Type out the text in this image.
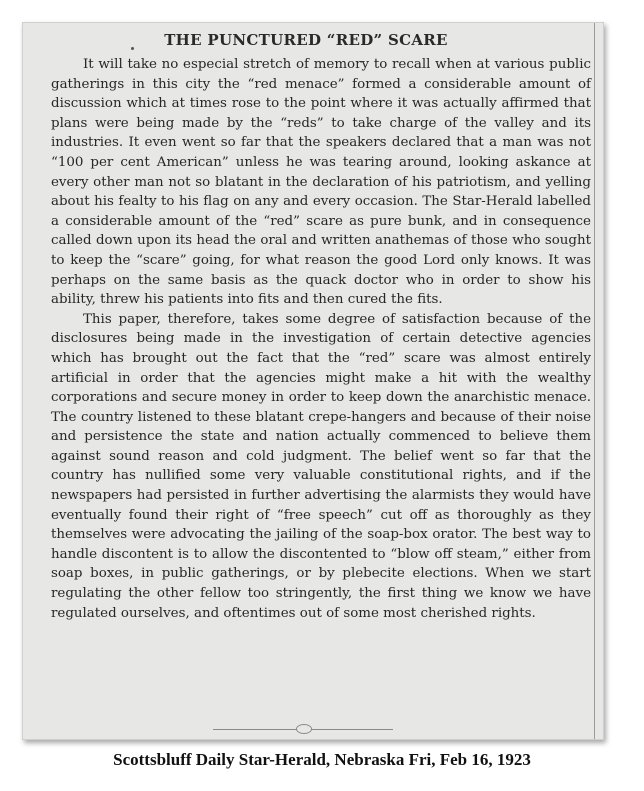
THE PUNCTURED “RED” SCARE

It will take no especial stretch of memory to recall when at various public gatherings in this city the “red menace” formed a considerable amount of discussion which at times rose to the point where it was actually affirmed that plans were being made by the “reds” to take charge of the valley and its industries. It even went so far that the speakers declared that a man was not “100 per cent American” unless he was tearing around, looking askance at every other man not so blatant in the declaration of his patriotism, and yelling about his fealty to his flag on any and every occasion. The Star-Herald labelled a considerable amount of the “red” scare as pure bunk, and in consequence called down upon its head the oral and written anathemas of those who sought to keep the “scare” going, for what reason the good Lord only knows. It was perhaps on the same basis as the quack doctor who in order to show his ability, threw his patients into fits and then cured the fits.

This paper, therefore, takes some degree of satisfaction because of the disclosures being made in the investigation of certain detective agencies which has brought out the fact that the “red” scare was almost entirely artificial in order that the agencies might make a hit with the wealthy corporations and secure money in order to keep down the anarchistic menace. The country listened to these blatant crepe-hangers and because of their noise and persistence the state and nation actually commenced to believe them against sound reason and cold judgment. The belief went so far that the country has nullified some very valuable constitutional rights, and if the newspapers had persisted in further advertising the alarmists they would have eventually found their right of “free speech” cut off as thoroughly as they themselves were advocating the jailing of the soap-box orator. The best way to handle discontent is to allow the discontented to “blow off steam,” either from soap boxes, in public gatherings, or by plebecite elections. When we start regulating the other fellow too stringently, the first thing we know we have regulated ourselves, and oftentimes out of some most cherished rights.

Scottsbluff Daily Star-Herald, Nebraska Fri, Feb 16, 1923
